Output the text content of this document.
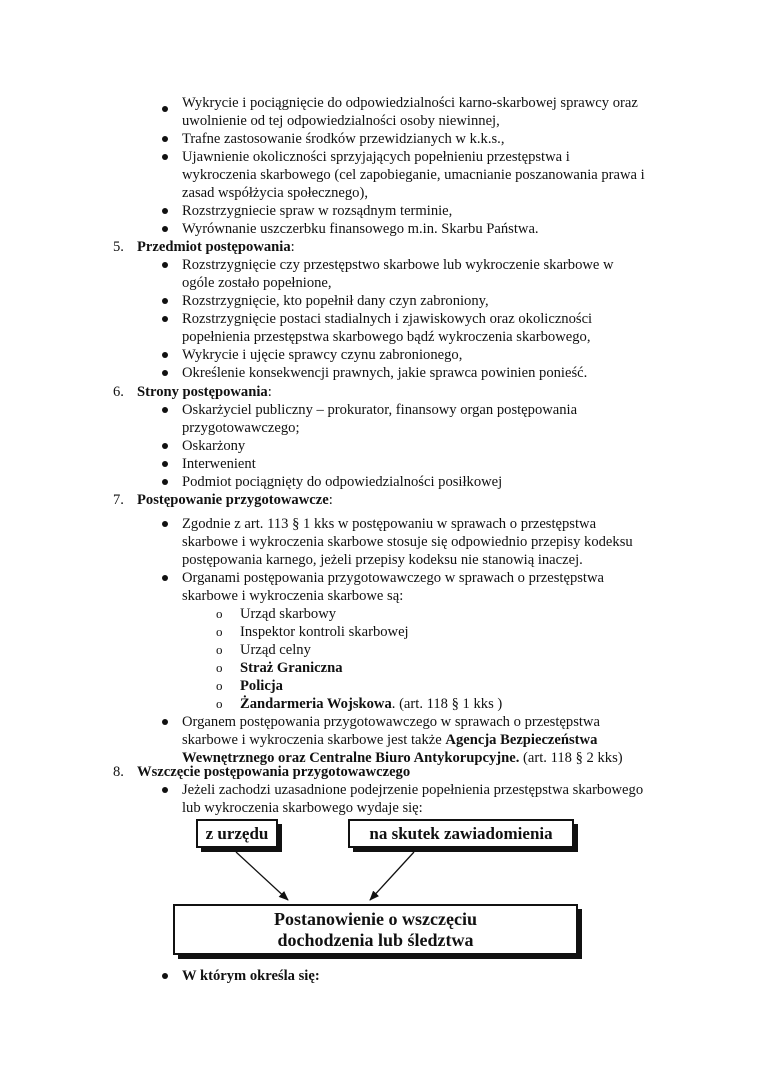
Wykrycie i pociągnięcie do odpowiedzialności karno-skarbowej sprawcy oraz
uwolnienie od tej odpowiedzialności osoby niewinnej,
Trafne zastosowanie środków przewidzianych w k.k.s.,
Ujawnienie okoliczności sprzyjających popełnieniu przestępstwa i
wykroczenia skarbowego (cel zapobieganie, umacnianie poszanowania prawa i
zasad współżycia społecznego),
Rozstrzygniecie spraw w rozsądnym terminie,
Wyrównanie uszczerbku finansowego m.in. Skarbu Państwa.
5. Przedmiot postępowania:
Rozstrzygnięcie czy przestępstwo skarbowe lub wykroczenie skarbowe w
ogóle zostało popełnione,
Rozstrzygnięcie, kto popełnił dany czyn zabroniony,
Rozstrzygnięcie postaci stadialnych i zjawiskowych oraz okoliczności
popełnienia przestępstwa skarbowego bądź wykroczenia skarbowego,
Wykrycie i ujęcie sprawcy czynu zabronionego,
Określenie konsekwencji prawnych, jakie sprawca powinien ponieść.
6. Strony postępowania:
Oskarżyciel publiczny – prokurator, finansowy organ postępowania
przygotowawczego;
Oskarżony
Interwenient
Podmiot pociągnięty do odpowiedzialności posiłkowej
7. Postępowanie przygotowawcze:
Zgodnie z art. 113 § 1 kks w postępowaniu w sprawach o przestępstwa
skarbowe i wykroczenia skarbowe stosuje się odpowiednio przepisy kodeksu
postępowania karnego, jeżeli przepisy kodeksu nie stanowią inaczej.
Organami postępowania przygotowawczego w sprawach o przestępstwa
skarbowe i wykroczenia skarbowe są:
o Urząd skarbowy
o Inspektor kontroli skarbowej
o Urząd celny
o Straż Graniczna
o Policja
o Żandarmeria Wojskowa. (art. 118 § 1 kks )
Organem postępowania przygotowawczego w sprawach o przestępstwa
skarbowe i wykroczenia skarbowe jest także Agencja Bezpieczeństwa
Wewnętrznego oraz Centralne Biuro Antykorupcyjne. (art. 118 § 2 kks)
8. Wszczęcie postępowania przygotowawczego
Jeżeli zachodzi uzasadnione podejrzenie popełnienia przestępstwa skarbowego
lub wykroczenia skarbowego wydaje się:
z urzędu	na skutek zawiadomienia
Postanowienie o wszczęciu
dochodzenia lub śledztwa
W którym określa się:
